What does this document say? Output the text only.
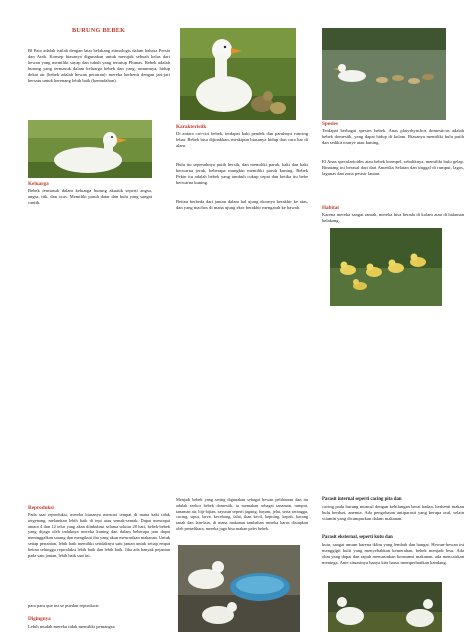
BURUNG BEBEK

Bl Pato adalah istilah dengan latar belakang etimologis dalam bahasa Persia dan Arab. Konsep biasanya digunakan untuk merujuk sebuah kelas dari hewan yang memiliki sayap dan tubuh yang tertutup Plumas. Bebek adalah burung yang termasuk dalam keluarga bebek dan yang, umumnya, hidup dekat air (bebek adalah hewan perairan): mereka berhenti dengan jari-jari bersatu untuk berenang lebih baik (kemudahan).

Keluarga

Bebek termasuk dalam keluarga burung akuatik seperti angsa, angsa, itik, dan ocas. Memiliki paruh datar dan bulu yang sangat cantik.

Karakteristik

Di antara ciri-ciri bebek, terdapat kaki pendek dan paruhnya runcing lebar. Bebek bisa dijinakkan, meskipun biasanya hidup dari cara liar di alam.

Bulu itu sepenuhnya putih bersih, dan memiliki paruh, kaki dan kaki berwarna jeruk, beberapa mungkin memiliki paruh kuning. Bebek Pekin itu adalah bebek yang tumbuh cukup cepat dan ketika itu bebe berwarna kuning.

Betina berbeda dari jantan dalam hal ujung ekornya berakhir ke atas, dan yang machos di mana ujung ekor berakhir mengarah ke bawah.

Spesies

Terdapat berbagai spesies bebek. Anas platyrhynchos domesticus adalah bebek domestik, yang dapat hidup di kolam. Biasanya memiliki bulu putih dan sedikit oranye atau kuning.

El Anas specularioides atau bebek krempel, sebaliknya, memiliki bulu gelap. Binatang ini berasal dari dari Amerika Selatan dan tinggal di rumput, lagos, lagunas dan zona pesisir lautan.

Habitat

Karena mereka sangat ramah, mereka bisa berada di kolam atau di halaman belakang.

Reproduksi

Pada saat reproduksi, mereka biasanya mencari tempat di mana kaki tidak tergenang, melainkan lebih baik di tepi atau semak-semak. Dapat mencapai antara 4 dan 12 telur yang akan diinkubasi selama sekitar 28 hari, bebek-bebek yang dijaga oleh induknya mereka kuning dan dalam beberapa jam dapat meninggalkan sarang dan mengikuti ibu yang akan mencarikan makanan. Untuk setiap pertanian, lebih baik memiliki setidaknya satu jantan untuk setiap empat betina sehingga reproduksi lebih baik dan lebih baik. Jika ada banyak pejantan pada satu jantan, lebih baik saat ini.

para para que asi se puedan reproducir.

Digingnya

Lebih mudah mereka tidak memiliki pemangsa

Menjadi bebek yang sering digunakan sebagai hewan peliharaan dan itu adalah seekor bebek domestik, ia memakan sebagai tanaman, rumput, tanaman air, biji-bijian, sayuran seperti jagung, bayam, jelai, serta serangga, cacing, siput, larva, kecebong, lalat, ikan kecil, kepiting, kepah, kacang tanah dan lain-lain, di mana makanan tambahan mereka harus disiapkan oleh pemelihara, mereka juga bisa makan pelet bebek.

Parasit internal seperti cacing pita dan

cacing pada burung muncul dengan kehilangan berat badan, berhenti makan bulu berduri, anemia. Ada pengobatan antiparasit yang berupa oral, selain vitamin yang dicampurkan dalam makanan.

Parasit eksternal, seperti kutu dan

kutu, sangat umum karena iklim yang lembab dan hangat. Hewan-hewan ini menggigit kulit yang menyebabkan kemerahan, bebek menjadi lesu. Ada obat yang dapat dan rapuh menurunkan konsumsi makanan, ada mencairkan mentega. Ante situasinya hanya kita harus memperhatikan kandang.
